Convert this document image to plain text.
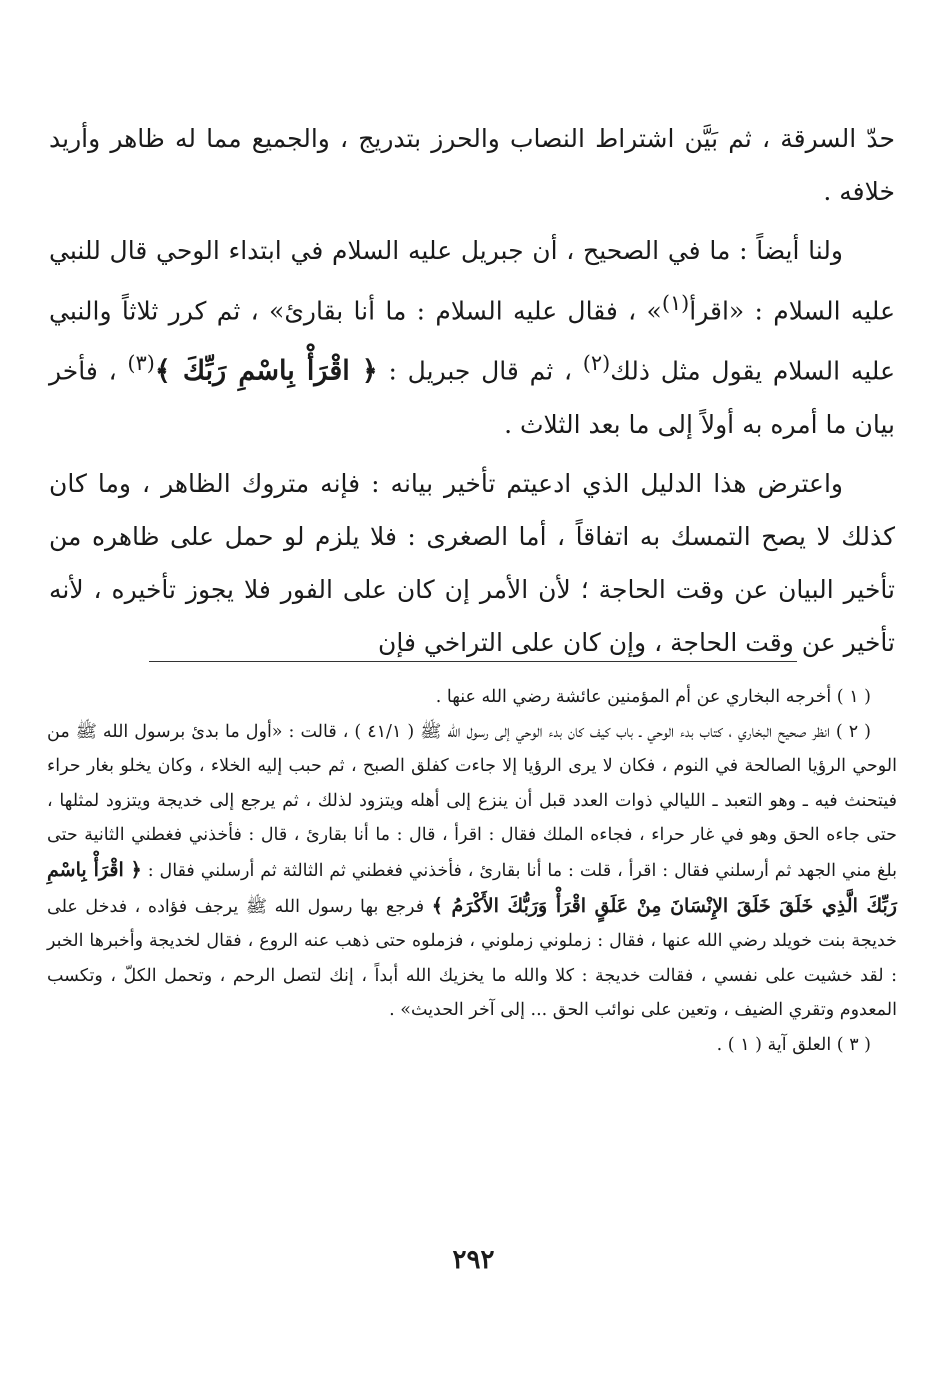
حدّ السرقة ، ثم بَيَّن اشتراط النصاب والحرز بتدريج ، والجميع مما له ظاهر وأريد خلافه .

ولنا أيضاً : ما في الصحيح ، أن جبريل عليه السلام في ابتداء الوحي قال للنبي عليه السلام : «اقرأ$^{(١)}$» ، فقال عليه السلام : ما أنا بقارئ» ، ثم كرر ثلاثاً والنبي عليه السلام يقول مثل ذلك$^{(٢)}$ ، ثم قال جبريل : ﴿ اقْرَأْ بِاسْمِ رَبِّكَ ﴾$^{(٣)}$ ، فأخر بيان ما أمره به أولاً إلى ما بعد الثلاث .

واعترض هذا الدليل الذي ادعيتم تأخير بيانه : فإنه متروك الظاهر ، وما كان كذلك لا يصح التمسك به اتفاقاً ، أما الصغرى : فلا يلزم لو حمل على ظاهره من تأخير البيان عن وقت الحاجة ؛ لأن الأمر إن كان على الفور فلا يجوز تأخيره ، لأنه تأخير عن وقت الحاجة ، وإن كان على التراخي فإن

( ١ ) أخرجه البخاري عن أم المؤمنين عائشة رضي الله عنها .

( ٢ ) انظر صحيح البخاري ، كتاب بدء الوحي ـ باب كيف كان بدء الوحي إلى رسول الله ﷺ ( ٤١/١ ) ، قالت : «أول ما بدئ برسول الله ﷺ من الوحي الرؤيا الصالحة في النوم ، فكان لا يرى الرؤيا إلا جاءت كفلق الصبح ، ثم حبب إليه الخلاء ، وكان يخلو بغار حراء فيتحنث فيه ـ وهو التعبد ـ الليالي ذوات العدد قبل أن ينزع إلى أهله ويتزود لذلك ، ثم يرجع إلى خديجة ويتزود لمثلها ، حتى جاءه الحق وهو في غار حراء ، فجاءه الملك فقال : اقرأ ، قال : ما أنا بقارئ ، قال : فأخذني فغطني الثانية حتى بلغ مني الجهد ثم أرسلني فقال : اقرأ ، قلت : ما أنا بقارئ ، فأخذني فغطني ثم الثالثة ثم أرسلني فقال : ﴿ اقْرَأْ بِاسْمِ رَبِّكَ الَّذِي خَلَقَ خَلَقَ الإِنْسَانَ مِنْ عَلَقٍ اقْرَأْ وَرَبُّكَ الأَكْرَمُ ﴾ فرجع بها رسول الله ﷺ يرجف فؤاده ، فدخل على خديجة بنت خويلد رضي الله عنها ، فقال : زملوني زملوني ، فزملوه حتى ذهب عنه الروع ، فقال لخديجة وأخبرها الخبر : لقد خشيت على نفسي ، فقالت خديجة : كلا والله ما يخزيك الله أبداً ، إنك لتصل الرحم ، وتحمل الكلّ ، وتكسب المعدوم وتقري الضيف ، وتعين على نوائب الحق ... إلى آخر الحديث» .

( ٣ ) العلق آية ( ١ ) .

٢٩٢
